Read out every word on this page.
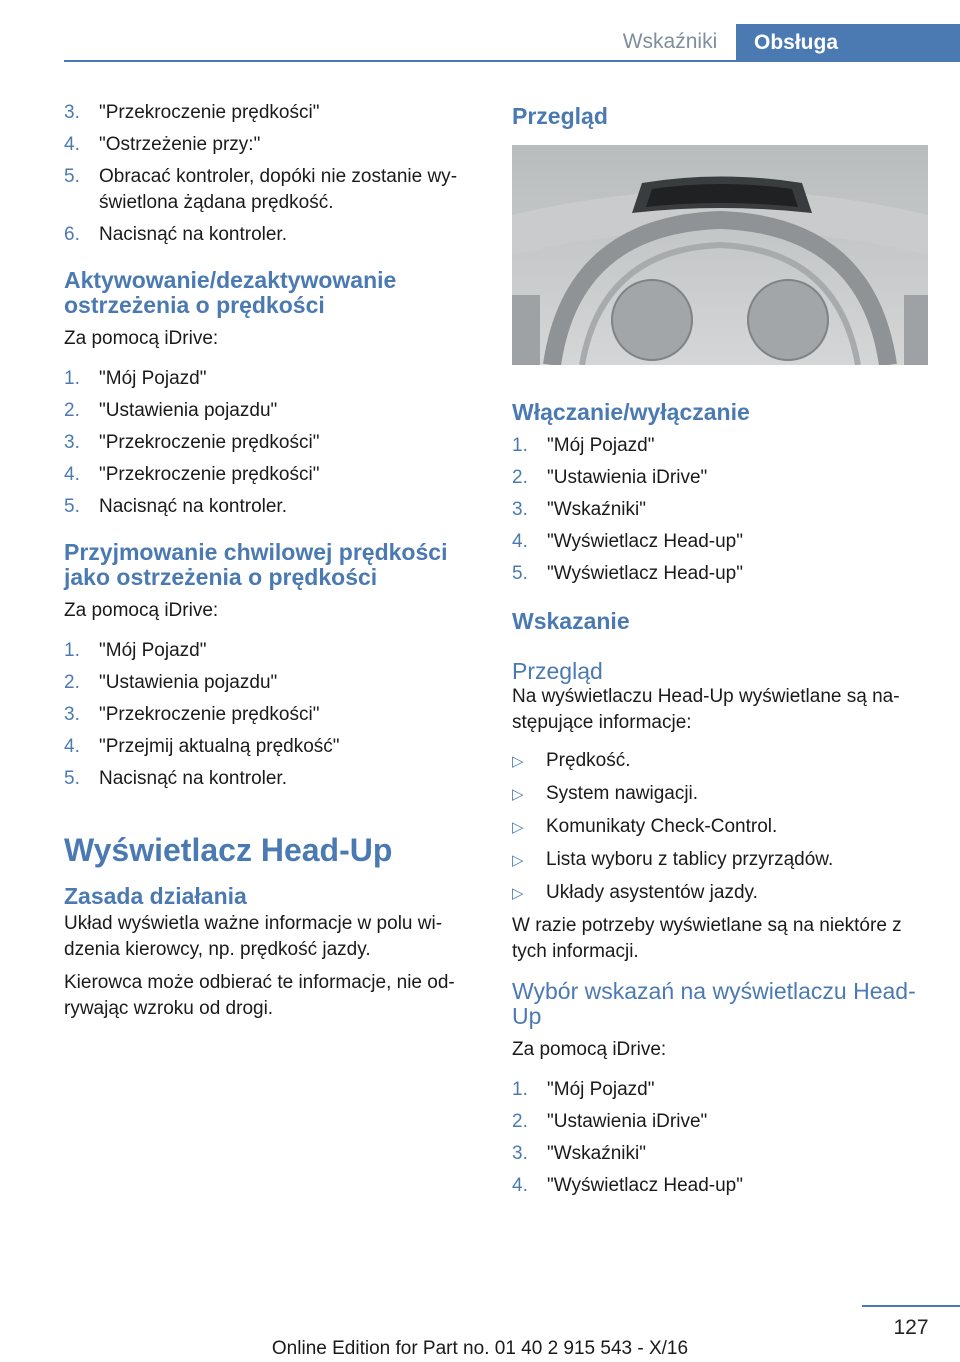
Wskaźniki	Obsługa
3.	"Przekroczenie prędkości"
4.	"Ostrzeżenie przy:"
5.	Obracać kontroler, dopóki nie zostanie wyświetlona żądana prędkość.
6.	Nacisnąć na kontroler.
Aktywowanie/dezaktywowanie ostrzeżenia o prędkości

Za pomocą iDrive:

1.	"Mój Pojazd"
2.	"Ustawienia pojazdu"
3.	"Przekroczenie prędkości"
4.	"Przekroczenie prędkości"
5.	Nacisnąć na kontroler.
Przyjmowanie chwilowej prędkości jako ostrzeżenia o prędkości

Za pomocą iDrive:

1.	"Mój Pojazd"
2.	"Ustawienia pojazdu"
3.	"Przekroczenie prędkości"
4.	"Przejmij aktualną prędkość"
5.	Nacisnąć na kontroler.
Wyświetlacz Head-Up
Zasada działania

Układ wyświetla ważne informacje w polu widzenia kierowcy, np. prędkość jazdy.

Kierowca może odbierać te informacje, nie odrywając wzroku od drogi.

Przegląd
Włączanie/wyłączanie
1.	"Mój Pojazd"
2.	"Ustawienia iDrive"
3.	"Wskaźniki"
4.	"Wyświetlacz Head-up"
5.	"Wyświetlacz Head-up"
Wskazanie
Przegląd

Na wyświetlaczu Head-Up wyświetlane są następujące informacje:

▷	Prędkość.
▷	System nawigacji.
▷	Komunikaty Check-Control.
▷	Lista wyboru z tablicy przyrządów.
▷	Układy asystentów jazdy.

W razie potrzeby wyświetlane są na niektóre z tych informacji.

Wybór wskazań na wyświetlaczu Head-Up

Za pomocą iDrive:

1.	"Mój Pojazd"
2.	"Ustawienia iDrive"
3.	"Wskaźniki"
4.	"Wyświetlacz Head-up"
127
Online Edition for Part no. 01 40 2 915 543 - X/16
